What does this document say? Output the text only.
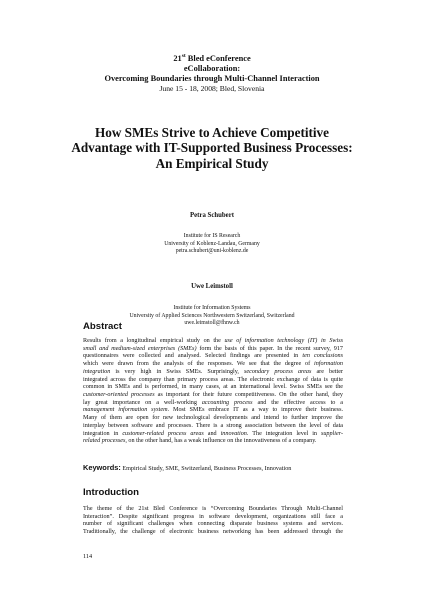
21st Bled eConference
eCollaboration:
Overcoming Boundaries through Multi-Channel Interaction
June 15 - 18, 2008; Bled, Slovenia
How SMEs Strive to Achieve Competitive
Advantage with IT-Supported Business Processes:
An Empirical Study
Petra Schubert
Institute for IS Research
University of Koblenz-Landau, Germany
petra.schubert@uni-koblenz.de
Uwe Leimstoll
Institute for Information Systems
University of Applied Sciences Northwestern Switzerland, Switzerland
uwe.leimstoll@fhnw.ch
Abstract
Results from a longitudinal empirical study on the use of information technology (IT) in Swiss
small and medium-sized enterprises (SMEs) form the basis of this paper. In the recent survey, 917
questionnaires were collected and analysed. Selected findings are presented in ten conclusions
which were drawn from the analysis of the responses. We see that the degree of information
integration is very high in Swiss SMEs. Surprisingly, secondary process areas are better
integrated across the company than primary process areas. The electronic exchange of data is quite
common in SMEs and is performed, in many cases, at an international level. Swiss SMEs see the
customer-oriented processes as important for their future competitiveness. On the other hand, they
lay great importance on a well-working accounting process and the effective access to a
management information system. Most SMEs embrace IT as a way to improve their business.
Many of them are open for new technological developments and intend to further improve the
interplay between software and processes. There is a strong association between the level of data
integration in customer-related process areas and innovation. The integration level in supplier-
related processes, on the other hand, has a weak influence on the innovativeness of a company.
Keywords: Empirical Study, SME, Switzerland, Business Processes, Innovation
Introduction
The theme of the 21st Bled Conference is “Overcoming Boundaries Through Multi-Channel
Interaction”. Despite significant progress in software development, organizations still face a
number of significant challenges when connecting disparate business systems and services.
Traditionally, the challenge of electronic business networking has been addressed through the
114
